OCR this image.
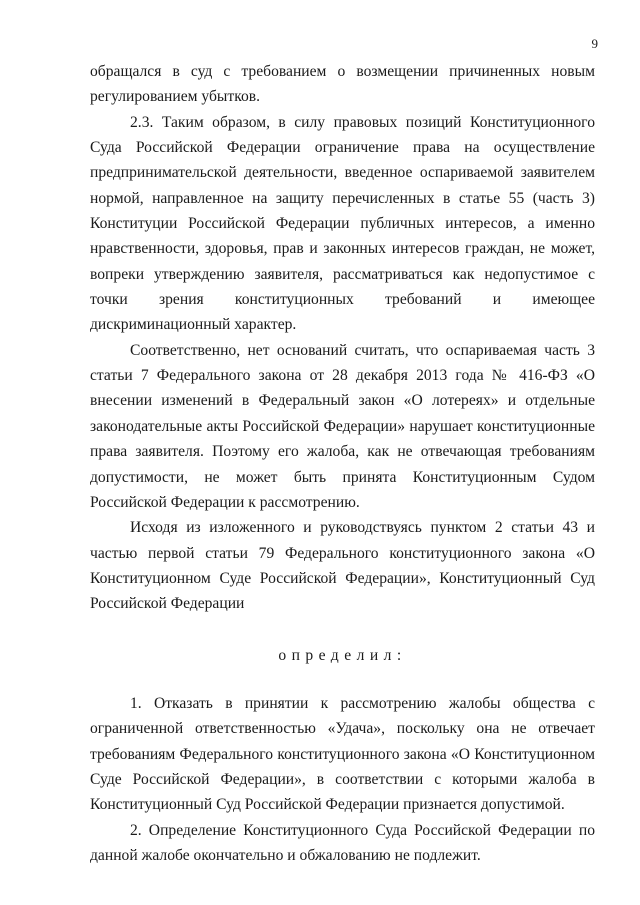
9

обращался в суд с требованием о возмещении причиненных новым регулированием убытков.

2.3. Таким образом, в силу правовых позиций Конституционного Суда Российской Федерации ограничение права на осуществление предпринимательской деятельности, введенное оспариваемой заявителем нормой, направленное на защиту перечисленных в статье 55 (часть 3) Конституции Российской Федерации публичных интересов, а именно нравственности, здоровья, прав и законных интересов граждан, не может, вопреки утверждению заявителя, рассматриваться как недопустимое с точки зрения конституционных требований и имеющее дискриминационный характер.

Соответственно, нет оснований считать, что оспариваемая часть 3 статьи 7 Федерального закона от 28 декабря 2013 года № 416-ФЗ «О внесении изменений в Федеральный закон «О лотереях» и отдельные законодательные акты Российской Федерации» нарушает конституционные права заявителя. Поэтому его жалоба, как не отвечающая требованиям допустимости, не может быть принята Конституционным Судом Российской Федерации к рассмотрению.

Исходя из изложенного и руководствуясь пунктом 2 статьи 43 и частью первой статьи 79 Федерального конституционного закона «О Конституционном Суде Российской Федерации», Конституционный Суд Российской Федерации

определил:

1. Отказать в принятии к рассмотрению жалобы общества с ограниченной ответственностью «Удача», поскольку она не отвечает требованиям Федерального конституционного закона «О Конституционном Суде Российской Федерации», в соответствии с которыми жалоба в Конституционный Суд Российской Федерации признается допустимой.

2. Определение Конституционного Суда Российской Федерации по данной жалобе окончательно и обжалованию не подлежит.
